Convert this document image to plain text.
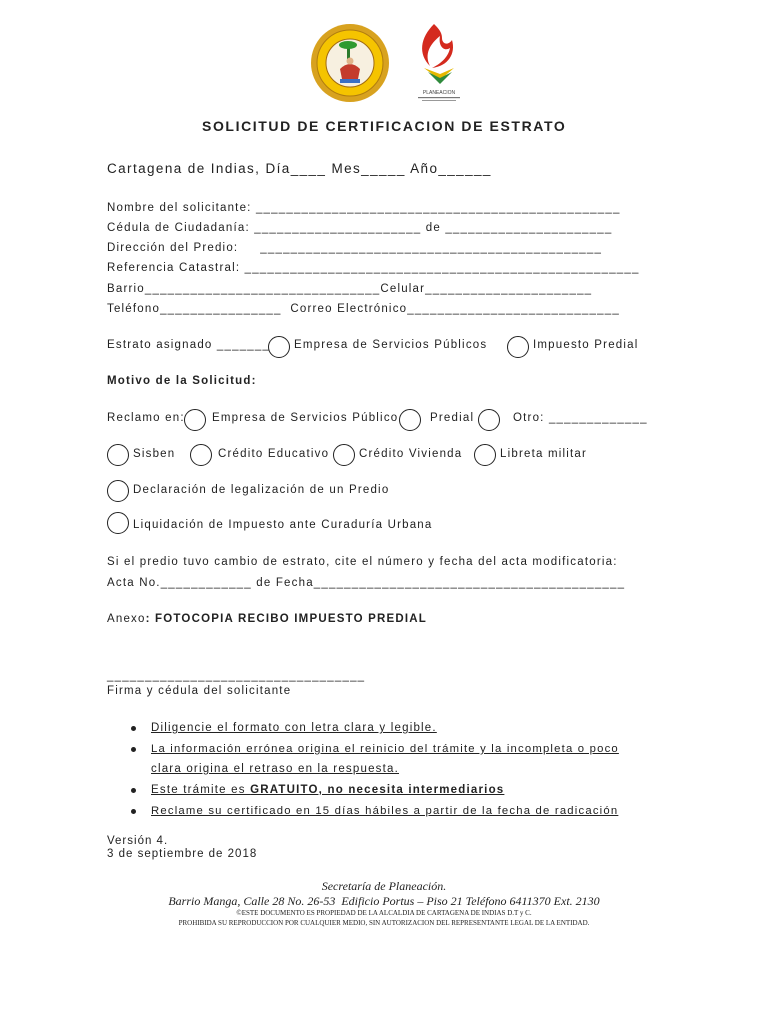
PLANEACION
SOLICITUD DE CERTIFICACION DE ESTRATO
Cartagena de Indias, Día____ Mes_____ Año______
Nombre del solicitante: ________________________________________________
Cédula de Ciudadanía: ______________________ de ______________________
Dirección del Predio:     _____________________________________________
Referencia Catastral: ____________________________________________________
Barrio_______________________________Celular______________________
Teléfono________________  Correo Electrónico____________________________
Estrato asignado _______ Empresa de Servicios Públicos	Impuesto Predial
Motivo de la Solicitud:
Reclamo en: Empresa de Servicios Público	Predial	Otro: _____________
Sisben	Crédito Educativo	Crédito Vivienda	Libreta militar
Declaración de legalización de un Predio
Liquidación de Impuesto ante Curaduría Urbana
Si el predio tuvo cambio de estrato, cite el número y fecha del acta modificatoria:
Acta No.____________ de Fecha_________________________________________
Anexo: FOTOCOPIA RECIBO IMPUESTO PREDIAL
__________________________________
Firma y cédula del solicitante
Diligencie el formato con letra clara y legible.
La información errónea origina el reinicio del trámite y la incompleta o poco
clara origina el retraso en la respuesta.
Este trámite es GRATUITO, no necesita intermediarios
Reclame su certificado en 15 días hábiles a partir de la fecha de radicación
Versión 4.
3 de septiembre de 2018
Secretaría de Planeación.
Barrio Manga, Calle 28 No. 26-53  Edificio Portus – Piso 21 Teléfono 6411370 Ext. 2130
©ESTE DOCUMENTO ES PROPIEDAD DE LA ALCALDIA DE CARTAGENA DE INDIAS D.T y C.
PROHIBIDA SU REPRODUCCION POR CUALQUIER MEDIO, SIN AUTORIZACION DEL REPRESENTANTE LEGAL DE LA ENTIDAD.
